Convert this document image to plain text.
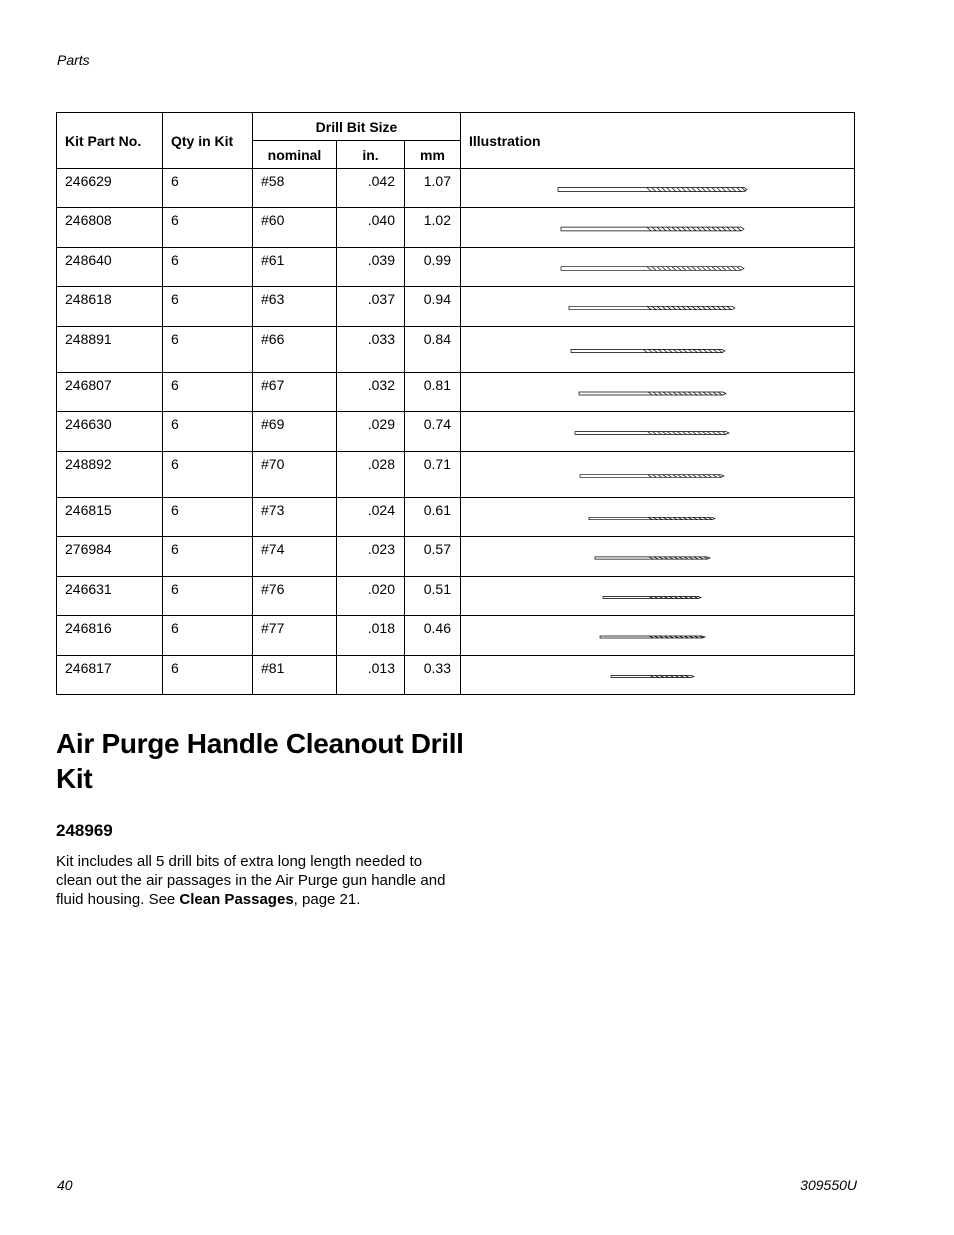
Parts
Kit Part No.	Qty in Kit	Drill Bit Size			Illustration
		nominal	in.	mm	
246629	6	#58	.042	1.07	

246808	6	#60	.040	1.02	

248640	6	#61	.039	0.99	

248618	6	#63	.037	0.94	

248891	6	#66	.033	0.84	

246807	6	#67	.032	0.81	

246630	6	#69	.029	0.74	

248892	6	#70	.028	0.71	

246815	6	#73	.024	0.61	

276984	6	#74	.023	0.57	

246631	6	#76	.020	0.51	

246816	6	#77	.018	0.46	

246817	6	#81	.013	0.33	
Air Purge Handle Cleanout Drill Kit
248969

Kit includes all 5 drill bits of extra long length needed to clean out the air passages in the Air Purge gun handle and fluid housing. See Clean Passages, page 21.

40	309550U
